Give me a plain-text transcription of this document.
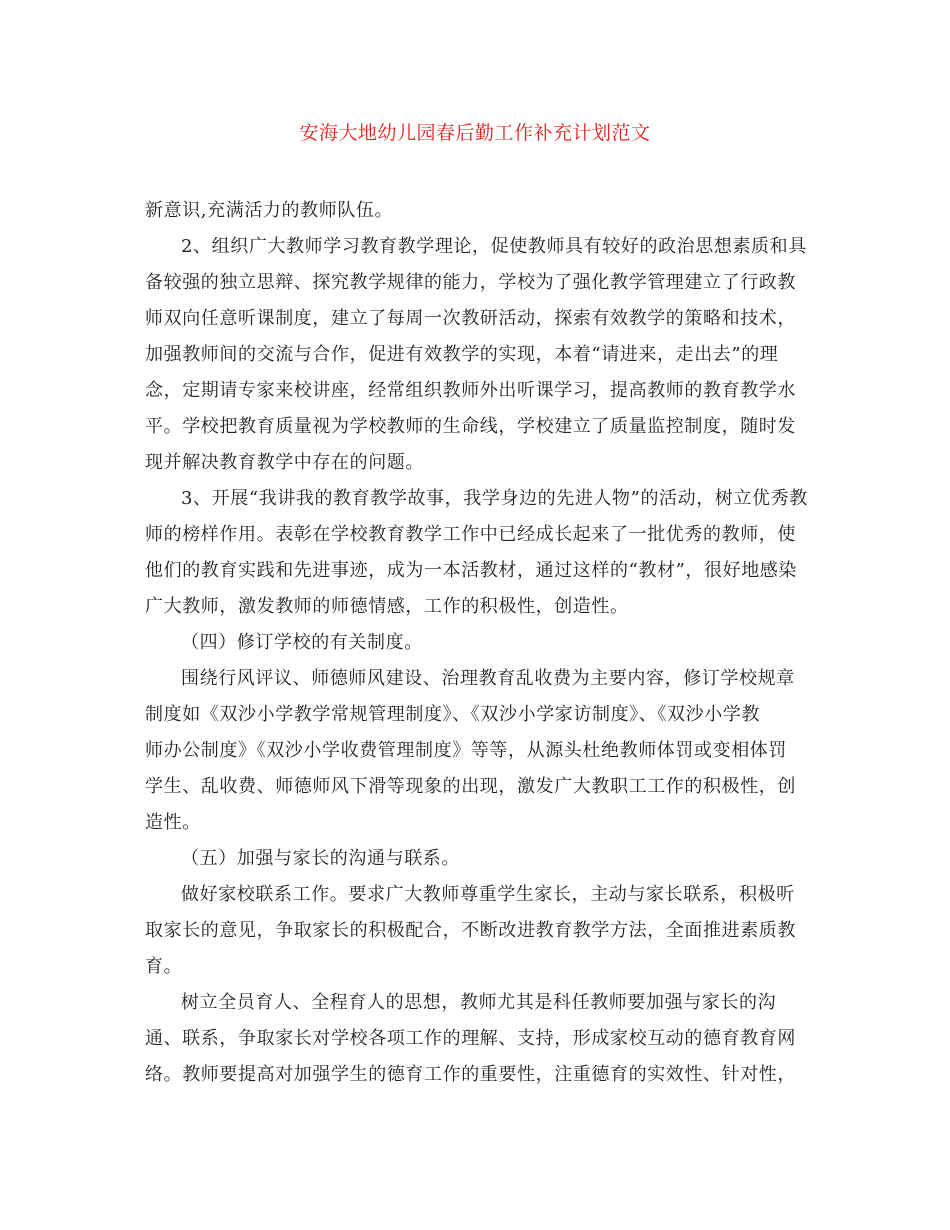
安海大地幼儿园春后勤工作补充计划范文

新意识,充满活力的教师队伍。

2、组织广大教师学习教育教学理论，促使教师具有较好的政治思想素质和具

备较强的独立思辩、探究教学规律的能力，学校为了强化教学管理建立了行政教

师双向任意听课制度，建立了每周一次教研活动，探索有效教学的策略和技术，

加强教师间的交流与合作，促进有效教学的实现，本着“请进来，走出去”的理

念，定期请专家来校讲座，经常组织教师外出听课学习，提高教师的教育教学水

平。学校把教育质量视为学校教师的生命线，学校建立了质量监控制度，随时发

现并解决教育教学中存在的问题。

3、开展“我讲我的教育教学故事，我学身边的先进人物”的活动，树立优秀教

师的榜样作用。表彰在学校教育教学工作中已经成长起来了一批优秀的教师，使

他们的教育实践和先进事迹，成为一本活教材，通过这样的“教材”，很好地感染

广大教师，激发教师的师德情感，工作的积极性，创造性。

（四）修订学校的有关制度。

围绕行风评议、师德师风建设、治理教育乱收费为主要内容，修订学校规章

制度如《双沙小学教学常规管理制度》、《双沙小学家访制度》、《双沙小学教

师办公制度》《双沙小学收费管理制度》等等，从源头杜绝教师体罚或变相体罚

学生、乱收费、师德师风下滑等现象的出现，激发广大教职工工作的积极性，创

造性。

（五）加强与家长的沟通与联系。

做好家校联系工作。要求广大教师尊重学生家长，主动与家长联系，积极听

取家长的意见，争取家长的积极配合，不断改进教育教学方法，全面推进素质教

育。

树立全员育人、全程育人的思想，教师尤其是科任教师要加强与家长的沟

通、联系，争取家长对学校各项工作的理解、支持，形成家校互动的德育教育网

络。教师要提高对加强学生的德育工作的重要性，注重德育的实效性、针对性，
